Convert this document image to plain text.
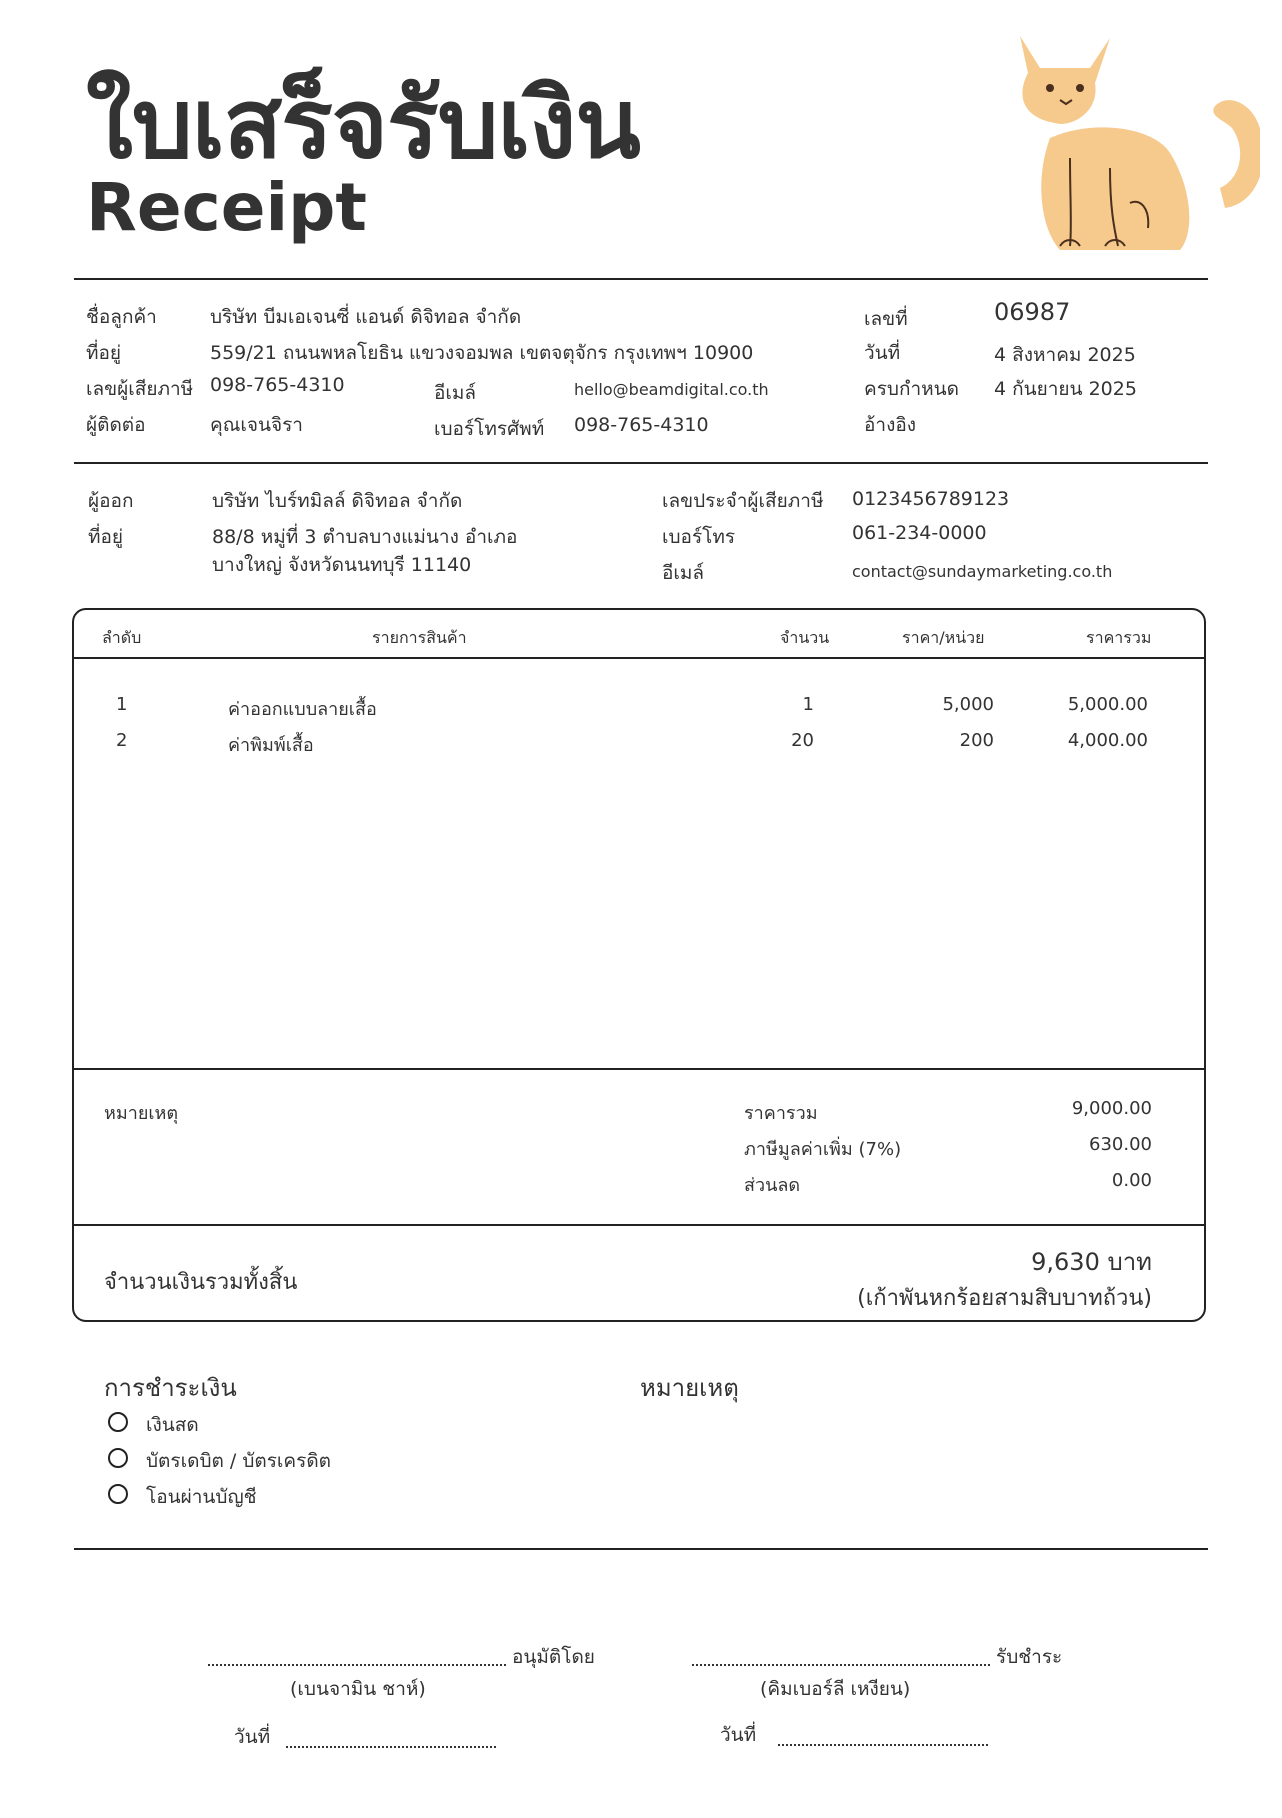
ใบเสร็จรับเงิน
Receipt
ชื่อลูกค้า	บริษัท บีมเอเจนซี่ แอนด์ ดิจิทอล จำกัด
ที่อยู่	559/21 ถนนพหลโยธิน แขวงจอมพล เขตจตุจักร กรุงเทพฯ 10900
เลขผู้เสียภาษี 098-765-4310	อีเมล์	hello@beamdigital.co.th
ผู้ติดต่อ	คุณเจนจิรา	เบอร์โทรศัพท์ 098-765-4310
เลขที่	06987
วันที่	4 สิงหาคม 2025
ครบกำหนด 4 กันยายน 2025
อ้างอิง
ผู้ออก	บริษัท ไบร์ทมิลล์ ดิจิทอล จำกัด
ที่อยู่	88/8 หมู่ที่ 3 ตำบลบางแม่นาง อำเภอ
บางใหญ่ จังหวัดนนทบุรี 11140
เลขประจำผู้เสียภาษี 0123456789123
เบอร์โทร	061-234-0000
อีเมล์	contact@sundaymarketing.co.th
ลำดับ	รายการสินค้า	จำนวน	ราคา/หน่วย	ราคารวม
1	ค่าออกแบบลายเสื้อ	1	5,000	5,000.00
2	ค่าพิมพ์เสื้อ	20	200	4,000.00
หมายเหตุ	ราคารวม	9,000.00
ภาษีมูลค่าเพิ่ม (7%)	630.00
ส่วนลด	0.00
จำนวนเงินรวมทั้งสิ้น
9,630 บาท
(เก้าพันหกร้อยสามสิบบาทถ้วน)
การชำระเงิน
เงินสด
บัตรเดบิต / บัตรเครดิต
โอนผ่านบัญชี
หมายเหตุ
อนุมัติโดย
(เบนจามิน ชาห์)
วันที่
รับชำระ
(คิมเบอร์ลี เหงียน)
วันที่
